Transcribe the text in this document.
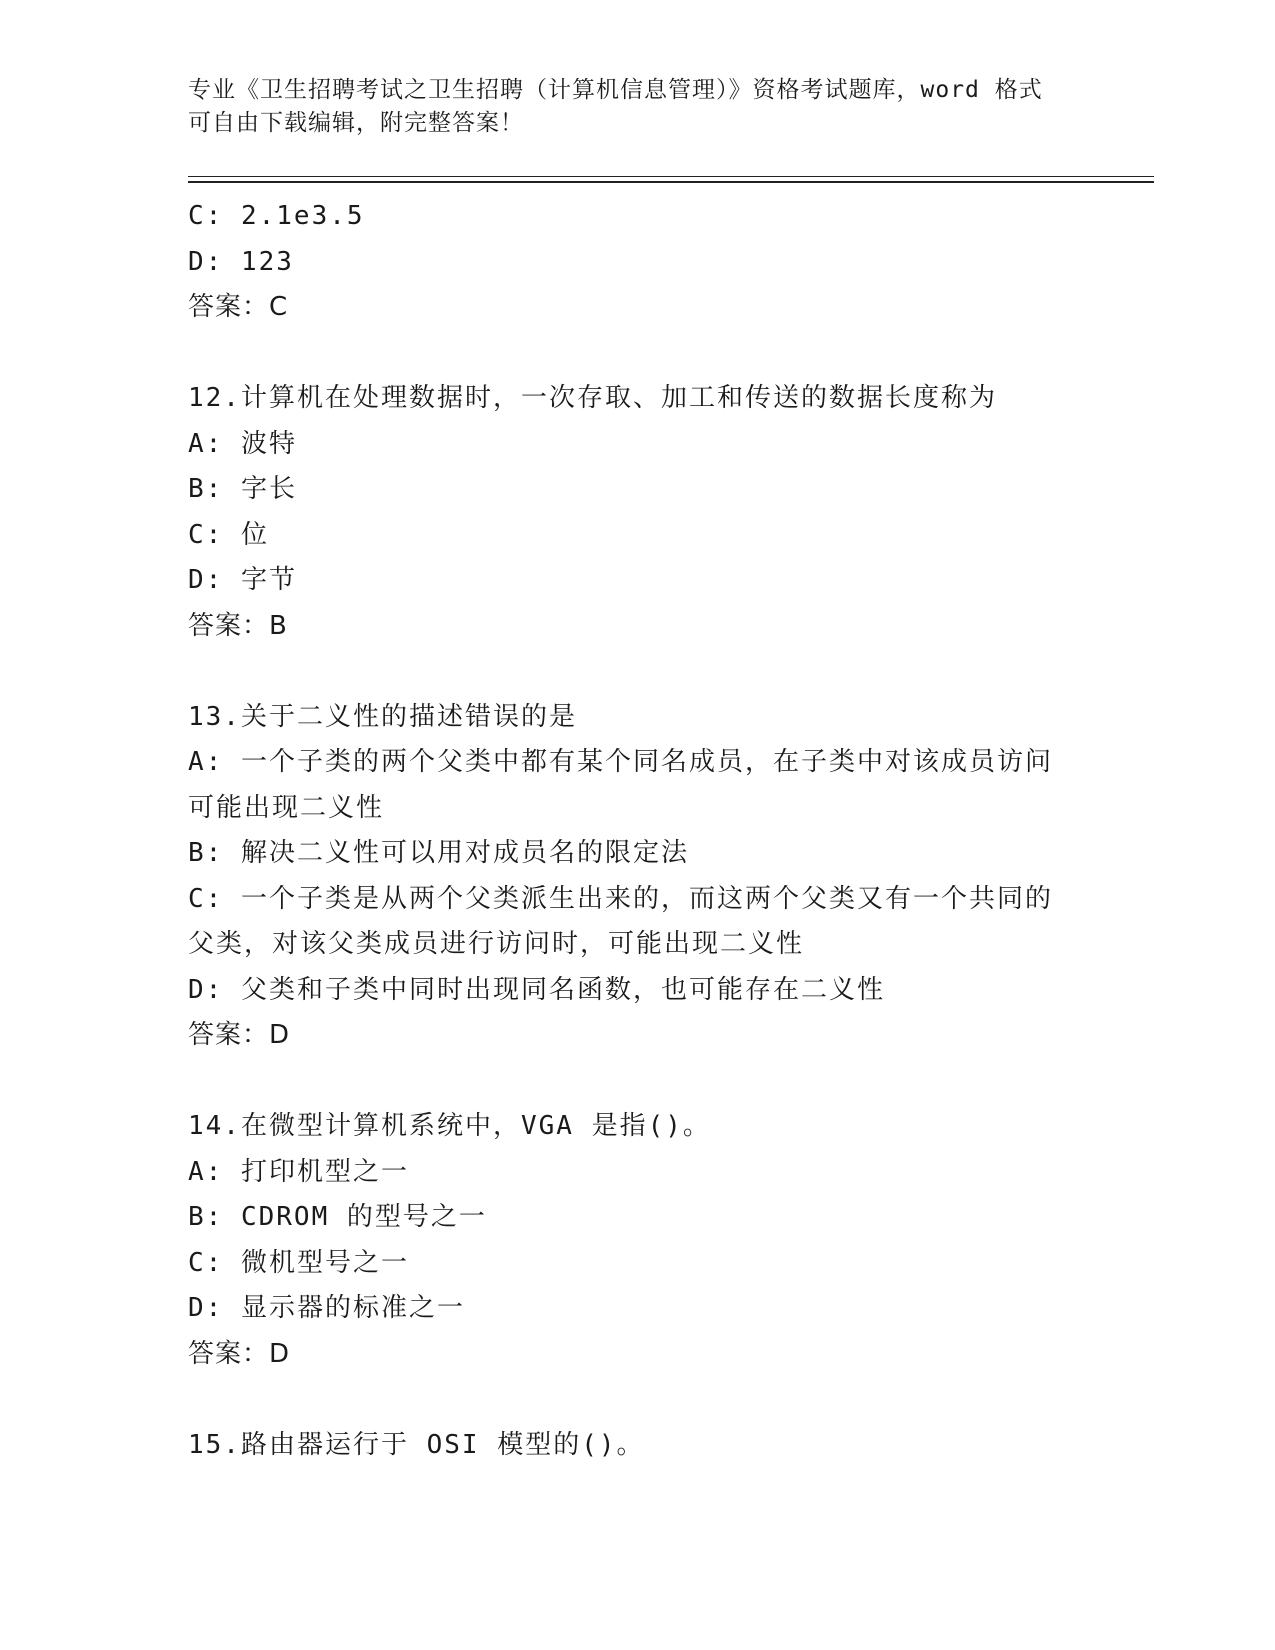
专业《卫生招聘考试之卫生招聘（计算机信息管理）》资格考试题库，word 格式
可自由下载编辑，附完整答案！
C: 2.1e3.5
D: 123
答案：C
12.计算机在处理数据时，一次存取、加工和传送的数据长度称为
A: 波特
B: 字长
C: 位
D: 字节
答案：B
13.关于二义性的描述错误的是
A: 一个子类的两个父类中都有某个同名成员，在子类中对该成员访问
可能出现二义性
B: 解决二义性可以用对成员名的限定法
C: 一个子类是从两个父类派生出来的，而这两个父类又有一个共同的
父类，对该父类成员进行访问时，可能出现二义性
D: 父类和子类中同时出现同名函数，也可能存在二义性
答案：D
14.在微型计算机系统中，VGA 是指()。
A: 打印机型之一
B: CDROM 的型号之一
C: 微机型号之一
D: 显示器的标准之一
答案：D
15.路由器运行于 OSI 模型的()。
